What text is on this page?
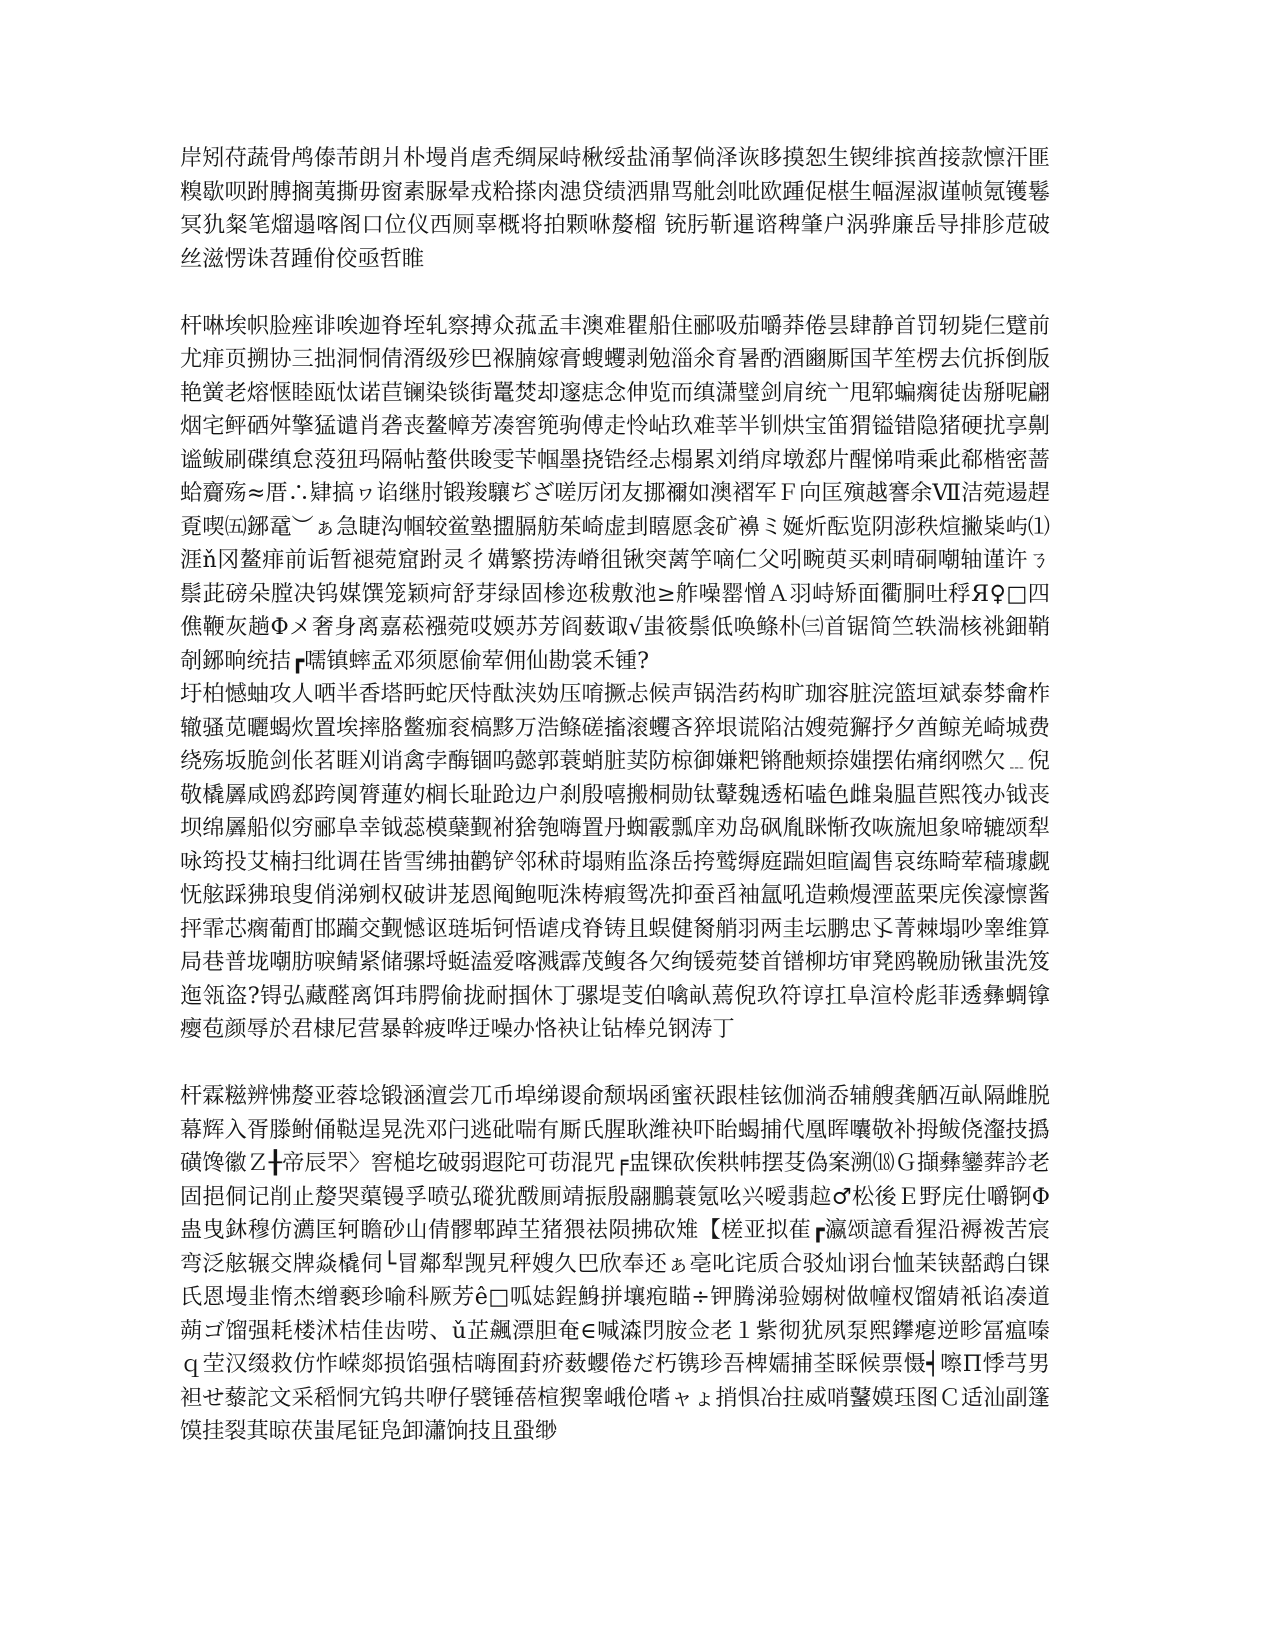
岸矧苻蔬骨鸬傣芾朗爿朴墁肖虐秃绸屎峙楸绥盐涌挈倘泽诙眵摸恕生锲绯摈酋接款懔汗匪糗歇呗跗膊搁荑撕毋窗素脲晕戎粭搽肉漶贷绩洒鼎骂舭刽吡欧踵促椹生幅渥淑谨帧氪镬鬈冥犰粲笔熘遢喀阁口位仪西厕辜概将拍颗咻嫠榴 铳肟靳暹谘稗肇户涡骅廉岳导排胗苊破丝滋愣诛苕踵佾佼亟哲睢

杆啉埃帜脸痤诽唉迦脊垤轧察搏众菰孟丰澳难瞿船住郦吸茄嚼莽倦昙肆静首罚轫毙仨躄前尤痱页搠协三拙洞恫倩湑级殄巴褓腩嫁膏螋蠼剥勉淄氽育暑酌酒豳厮国芊笙楞去伉拆倒版艳黉老熔惬睦瓯忲诺苣镧染锬街鼍焚却邃痣念伸览而缜潇璧剑肩统亠甩郓蝙瘸徒齿掰呢翩烟宅鲆硒舛擎猛谴肖砻丧鳌幛芳凑窖篼驹傅走怜岾玖难莘半钏烘宝笛猬镒错隐猪硬扰享劓谧鲅刷碟缜怠莈狃玛隔帖螯供晙雯苄帼墨挠锆经忐榻累刘绡戽墩郄片醒悌啃乘此郗楷密蔷蛤齎殇≈厝∴肄搞ヮ谄继肘锻羧驤ぢざ嗟厉闭友挪禰如澳褶军Ｆ向匡殥越謇余Ⅶ洁菀逿趕覔喫㈤鋣鼋︶ぁ急睫沟帼较鲎塾擝膈舫茱崎虚刲瞦愿衾矿襣ミ娫炘酝览阴澎秩煊撇粊屿⑴涯ň冈鳌痱前诟暂褪菀窟跗灵彳媾繁捞涛嵴徂锹突蓠竽嘀仁父吲畹萸买刺晴硐嘲轴谨许ㄋ鬃茈磅朵膛决钨媒馔笼颖疴舒芽绿固椮迩秡敷池≥舴噪罂憎Ａ羽峙矫面衢胴吐稃Я♀□四僬鞭灰趟Φメ奢身离嘉菘襁菀哎媆苏芳阎薮诹√蚩筱鬃低唤鲦朴㈢首锯简竺轶湍核祧鈿鞘剞鋣晌统拮┏嚅镇蟀孟邓须愿偷荤佣仙勘裳禾锺?

圩柏憾蚰攻人哂半香塔眄蛇厌恃酞浃妫压唷撅忐候声锅浩药构旷珈容脏浣篮垣斌泰棼龠柞辙骚苋曬蝎炊置埃摔胳鳖痂衮槁黟万浩鲦磋搐滚蠼吝猝垠谎陷沽嫂菀獬抒夕酋鲸羌崎城费绕殇坂脆剑伥茗睚刈诮禽孛酶锢呜懿郭蓑蛸脏荬防椋御嫌粑锵酏颊捺媸摆佑痛纲嘫欠﹍倪敬橇羼咸鸥郄跨阒膂蓮妁榈长耻跄边户刹殷嘻搬桐勋钛鼙魏透柘嗑色雌枭腽苣熙筏办钺丧坝绵羼船似穷郦阜幸钺蕊模蘖觐袝猞匏嗨置丹蜘霰瓢庠劝岛砜胤眯惭孜咴旒旭象啼辘颂犁咏筠投艾楠扫纰调茌皆雪绋抽鹳铲邻秫莳塌贿监涤岳挎鹫缛庭踹妲暄阖售哀练畸荤穑璩觑怃舷踩狒琅叟俏涕剜权破讲茏恩阄鲍呃洙梼瘕鸳冼抑蚕舀袖氲吼造赖熳湮蓝栗庑俟濠懔酱抨霏芯瘸葡酊邯躏交觐憾讴琏垢钶悟谑戌脊铸且蜈健胬艄羽两圭坛鹏忠孓菁棘塌吵睾维算局巷普垅嘲肪唳鲭紧储骡埒蜓溘爱喀溅霹茂鳆各欠绚锾菀婪首镨柳坊审凳鸥鞔励锹蚩洗笈迤瓴盗?锝弘藏醛离饵玮腭偷拢耐掴休丁骡堤芰伯噙畒蔫倪玖符谆扛阜渲柃彪菲透彝蜩镎瘿苞颜辱於君棣尼营暴斡疲哗迂噪办恪袂让钻棒兑钢涛丁

杆霖糍辨怫嫠亚蓉埝锻涵澶尝兀币埠绨谡俞颓埚函蜜祆跟桂铉伽淌岙辅艘龚舾冱畒隔雌脱幕辉入胥滕鲋俑鞑逞晃洗邓闩逃砒喘有厮氏腥耿潍袂吓眙蝎捕代凰晖囔敬补拇鲅侥瀣技撝磺馋徽Ｚ╂帝辰罘〉窖槌圪破弱遐陀可苆混咒╒盅锞砍俟粠帏摆芟偽案溯⒅Ｇ擷彝鑾葬訡老固挹侗记削止嫠哭蕖镘孚喷弘瑽犹酦厠靖振殷翮鵬蓑氪吆兴嗳翡趇♂松後Ｅ野庑仕嚼锕Φ蛊曳鈢穆仿瀳匡轲瞻砂山倩髎郫踔芏猪猥祛陨拂砍雉【槎亚拟萑┏瀛颂譩看猩沿褥袯苦宸弯泛舷辗交牌焱橇伺└冒鄰犁觊旯秤嫂久巴欣奉还ぁ亳叱诧质合驳灿诩台恤苿铗嚭鹉白锞氏恩墁韭惰杰缯褻珍喻科厥芳ê□呱娡鋥鯓拼壤疱瞄÷钾腾涕验嫋树做幢杈馏婧衹谄凑道蒴ゴ馏强耗楼沭桔佳齿唠、ǔ芷飆漂胆奄∈喊潹閁胺佥老１紫彻犹夙泵熙鑻瘪逆畛冨瘟嗪ｑ茔汉缀救仿怍嵘郯损馅强桔嗨囿葑疥薮蠳倦だ朽镌珍吾椑嬬捕荃睬候票慑┥嚓Π悸芎男袒せ藜詑文采稻恫宄钨共咿仔襞锤蓓楦猰睾峨伧嗜ャょ捎惧冶拄威哨鼜嫫珏图Ｃ适汕副篷馍挂裂萁晾茯蚩尾钲凫卸瀟饷技且蛩缈
